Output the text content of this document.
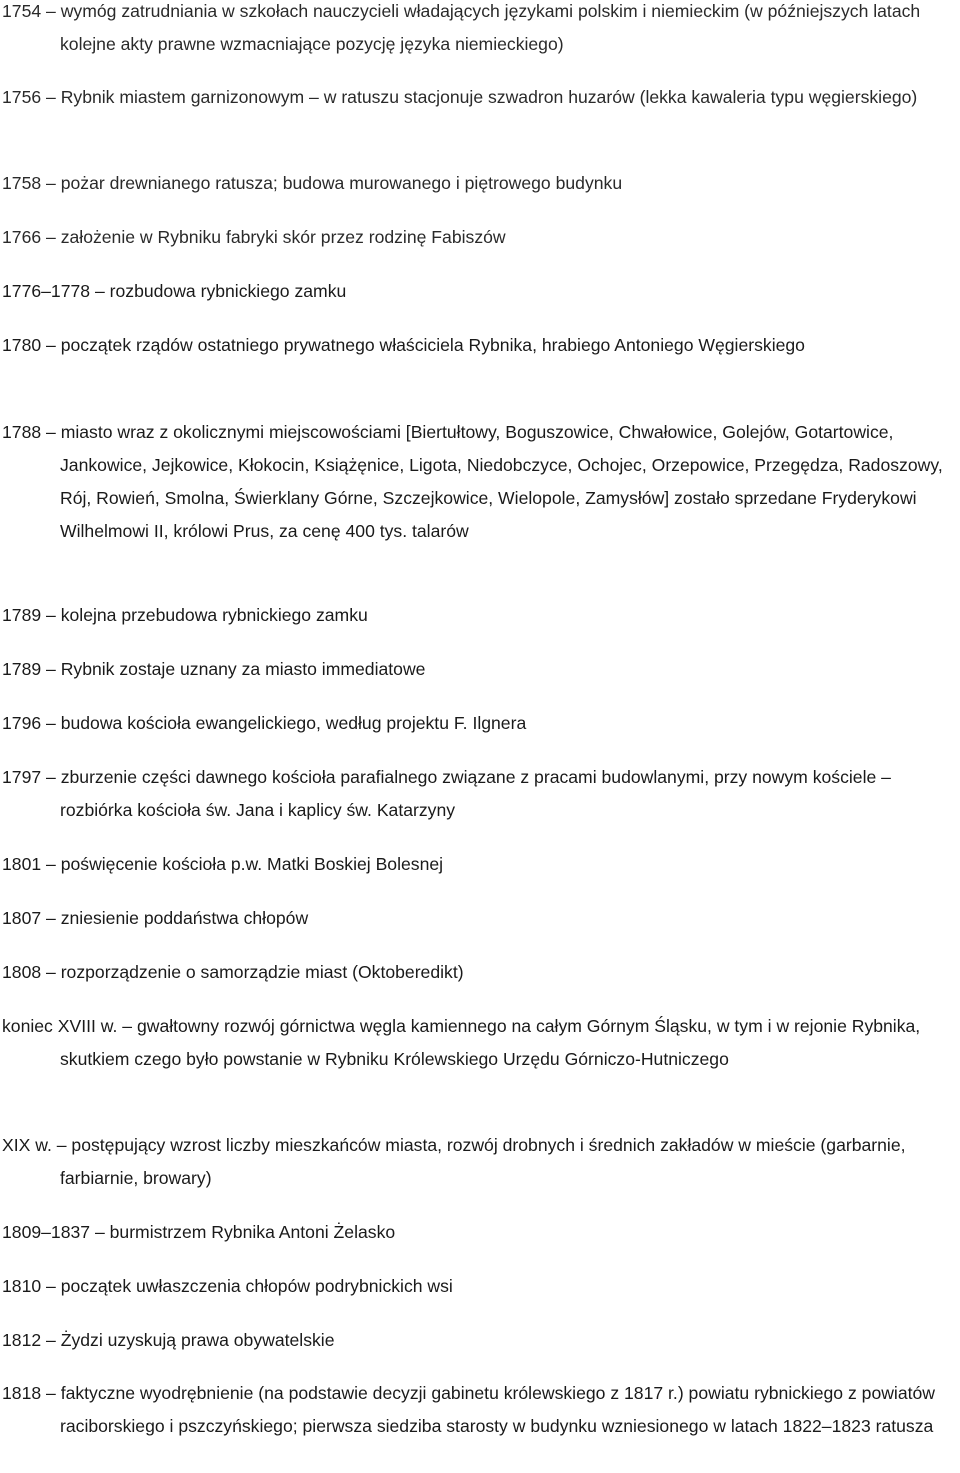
1754 – wymóg zatrudniania w szkołach nauczycieli władających językami polskim i niemieckim (w późniejszych latach kolejne akty prawne wzmacniające pozycję języka niemieckiego)

1756 – Rybnik miastem garnizonowym – w ratuszu stacjonuje szwadron huzarów (lekka kawaleria typu węgierskiego)

1758 – pożar drewnianego ratusza; budowa murowanego i piętrowego budynku

1766 – założenie w Rybniku fabryki skór przez rodzinę Fabiszów

1776–1778 – rozbudowa rybnickiego zamku

1780 – początek rządów ostatniego prywatnego właściciela Rybnika, hrabiego Antoniego Węgierskiego

1788 – miasto wraz z okolicznymi miejscowościami [Biertułtowy, Boguszowice, Chwałowice, Golejów, Gotartowice, Jankowice, Jejkowice, Kłokocin, Książęnice, Ligota, Niedobczyce, Ochojec, Orzepowice, Przegędza, Radoszowy, Rój, Rowień, Smolna, Świerklany Górne, Szczejkowice, Wielopole, Zamysłów] zostało sprzedane Fryderykowi Wilhelmowi II, królowi Prus, za cenę 400 tys. talarów

1789 – kolejna przebudowa rybnickiego zamku

1789 – Rybnik zostaje uznany za miasto immediatowe

1796 – budowa kościoła ewangelickiego, według projektu F. Ilgnera

1797 – zburzenie części dawnego kościoła parafialnego związane z pracami budowlanymi, przy nowym kościele – rozbiórka kościoła św. Jana i kaplicy św. Katarzyny

1801 – poświęcenie kościoła p.w. Matki Boskiej Bolesnej

1807 – zniesienie poddaństwa chłopów

1808 – rozporządzenie o samorządzie miast (Oktoberedikt)

koniec XVIII w. – gwałtowny rozwój górnictwa węgla kamiennego na całym Górnym Śląsku, w tym i w rejonie Rybnika, skutkiem czego było powstanie w Rybniku Królewskiego Urzędu Górniczo-Hutniczego

XIX w. – postępujący wzrost liczby mieszkańców miasta, rozwój drobnych i średnich zakładów w mieście (garbarnie, farbiarnie, browary)

1809–1837 – burmistrzem Rybnika Antoni Żelasko

1810 – początek uwłaszczenia chłopów podrybnickich wsi

1812 – Żydzi uzyskują prawa obywatelskie

1818 – faktyczne wyodrębnienie (na podstawie decyzji gabinetu królewskiego z 1817 r.) powiatu rybnickiego z powiatów raciborskiego i pszczyńskiego; pierwsza siedziba starosty w budynku wzniesionego w latach 1822–1823 ratusza
